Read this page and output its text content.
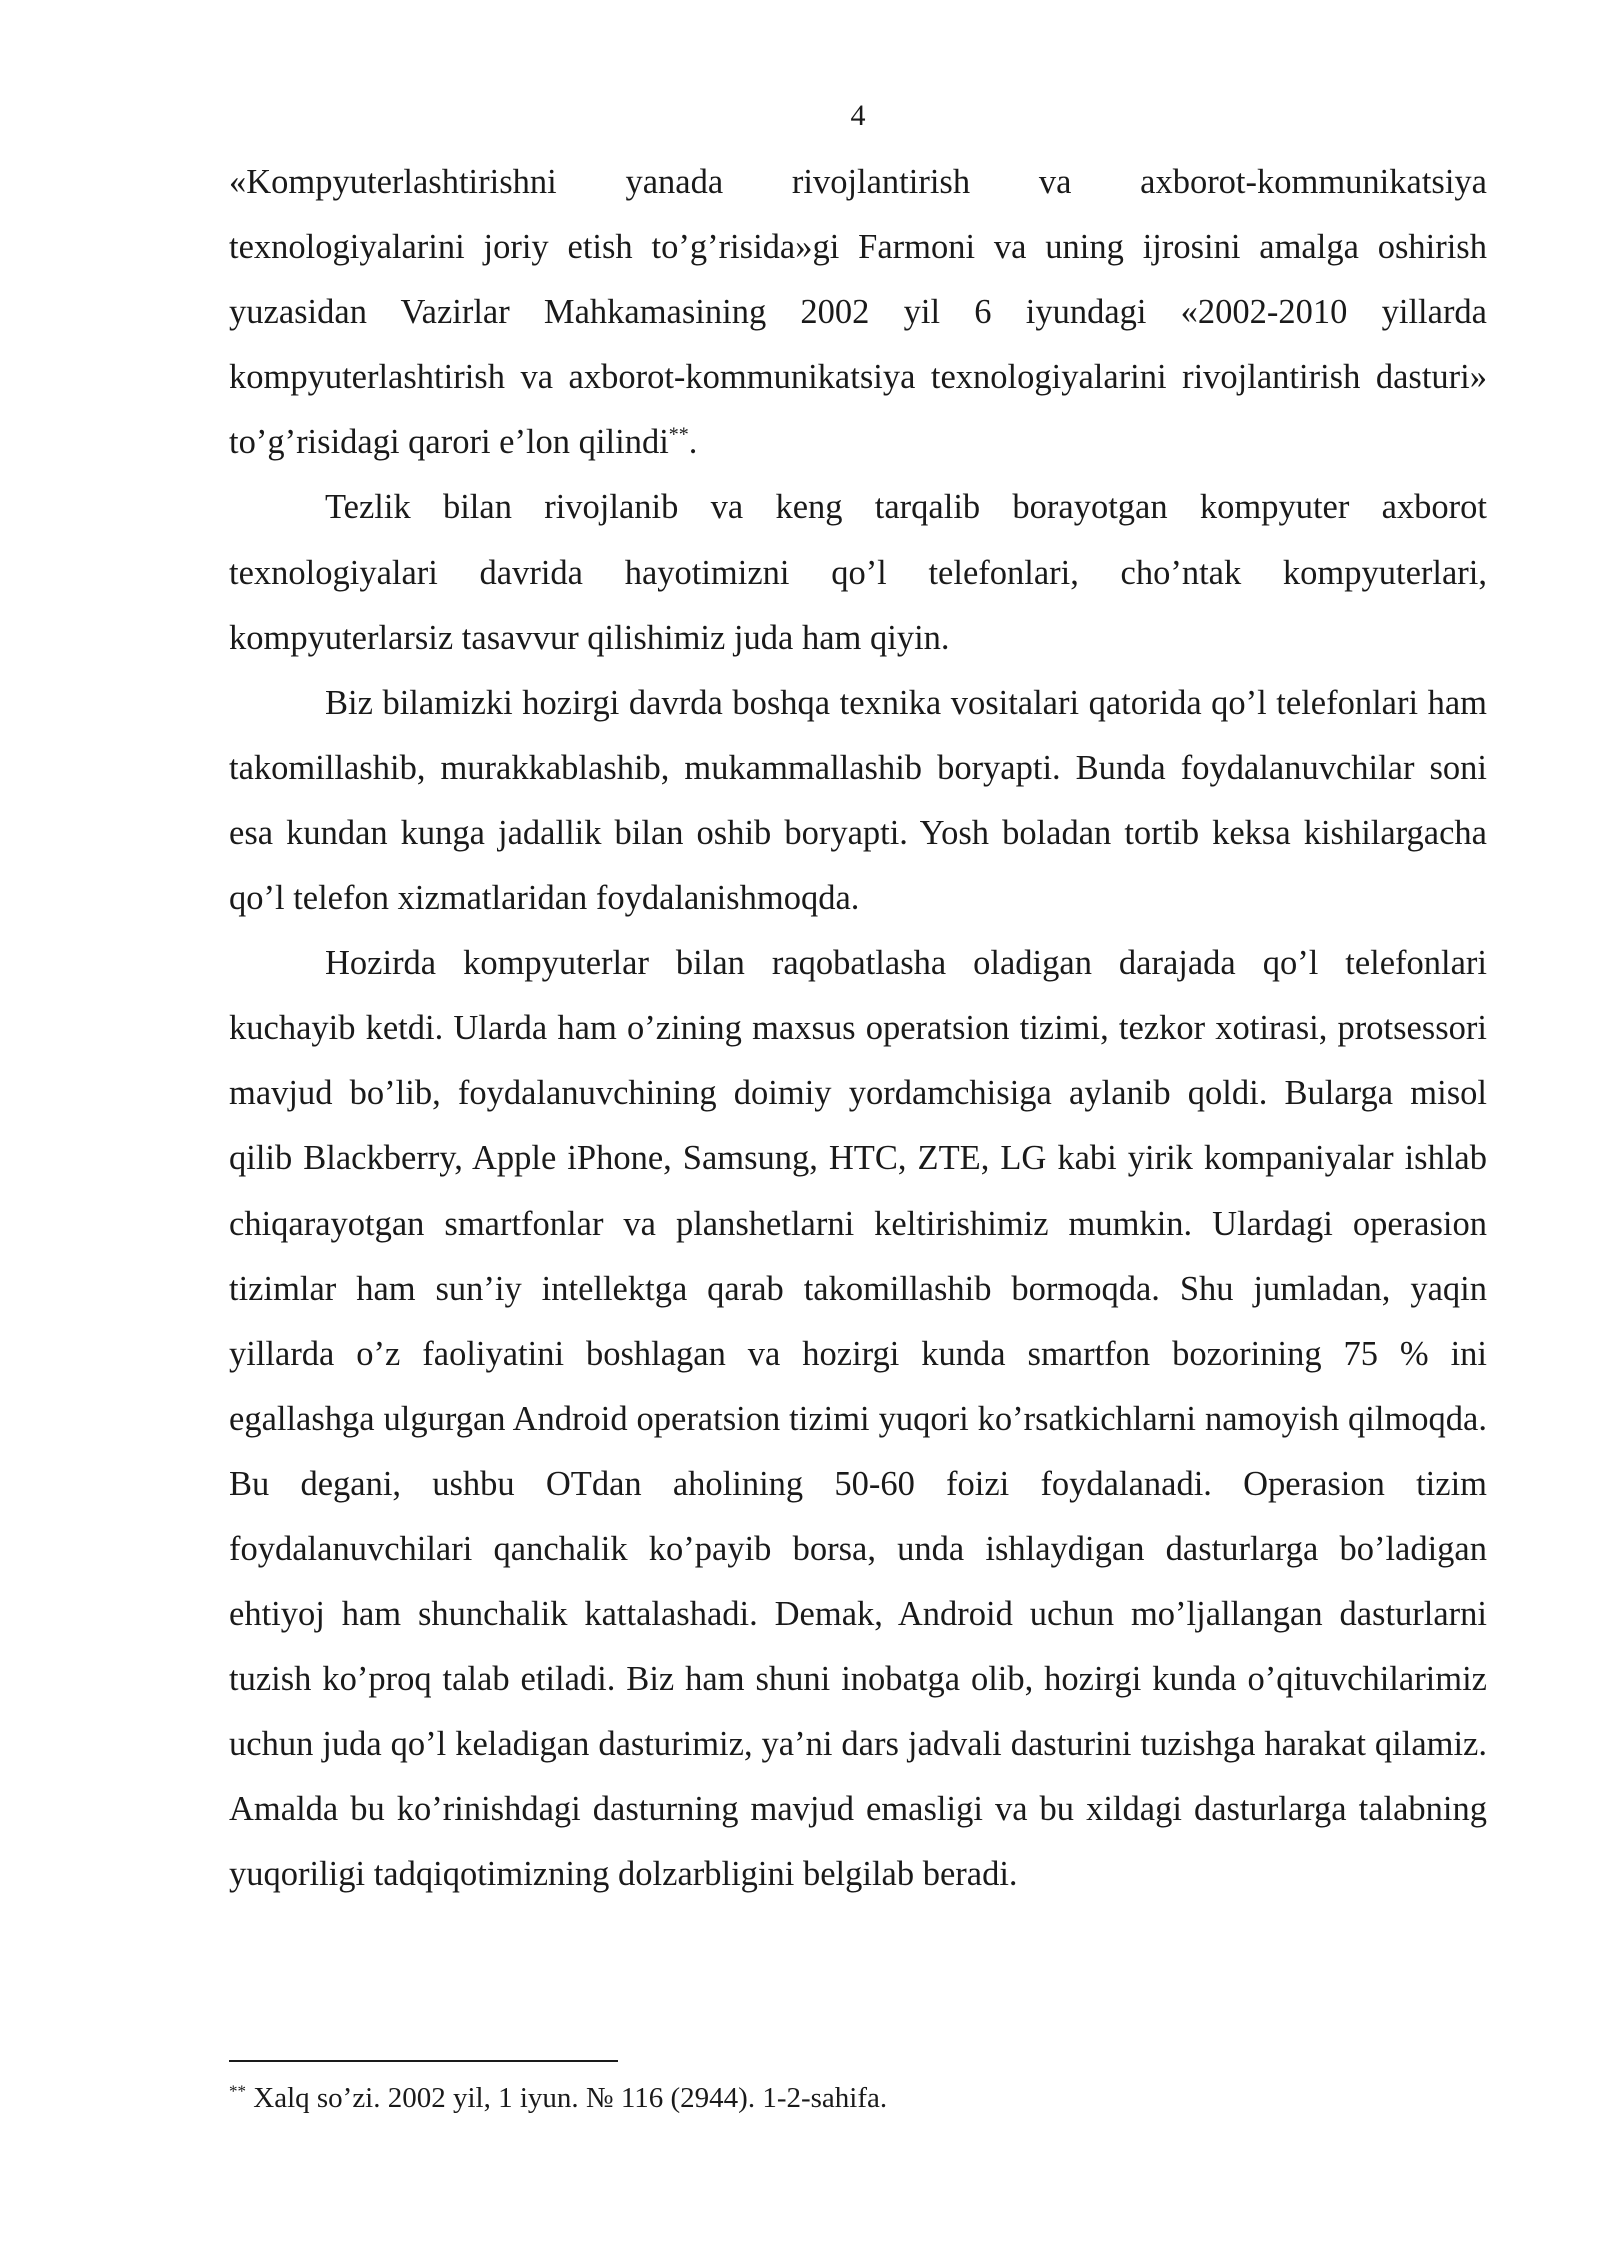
4

«Kompyuterlashtirishni yanada rivojlantirish va axborot-kommunikatsiya texnologiyalarini joriy etish to’g’risida»gi Farmoni va uning ijrosini amalga oshirish yuzasidan Vazirlar Mahkamasining 2002 yil 6 iyundagi «2002-2010 yillarda kompyuterlashtirish va axborot-kommunikatsiya texnologiyalarini rivojlantirish dasturi» to’g’risidagi qarori e’lon qilindi**.

Tezlik bilan rivojlanib va keng tarqalib borayotgan kompyuter axborot texnologiyalari davrida hayotimizni qo’l telefonlari, cho’ntak kompyuterlari, kompyuterlarsiz tasavvur qilishimiz juda ham qiyin.

Biz bilamizki hozirgi davrda boshqa texnika vositalari qatorida qo’l telefonlari ham takomillashib, murakkablashib, mukammallashib boryapti. Bunda foydalanuvchilar soni esa kundan kunga jadallik bilan oshib boryapti. Yosh boladan tortib keksa kishilargacha qo’l telefon xizmatlaridan foydalanishmoqda.

Hozirda kompyuterlar bilan raqobatlasha oladigan darajada qo’l telefonlari kuchayib ketdi. Ularda ham o’zining maxsus operatsion tizimi, tezkor xotirasi, protsessori mavjud bo’lib, foydalanuvchining doimiy yordamchisiga aylanib qoldi. Bularga misol qilib Blackberry, Apple iPhone, Samsung, HTC, ZTE, LG kabi yirik kompaniyalar ishlab chiqarayotgan smartfonlar va planshetlarni keltirishimiz mumkin. Ulardagi operasion tizimlar ham sun’iy intellektga qarab takomillashib bormoqda. Shu jumladan, yaqin yillarda o’z faoliyatini boshlagan va hozirgi kunda smartfon bozorining 75 % ini egallashga ulgurgan Android operatsion tizimi yuqori ko’rsatkichlarni namoyish qilmoqda. Bu degani, ushbu OTdan aholining 50-60 foizi foydalanadi. Operasion tizim foydalanuvchilari qanchalik ko’payib borsa, unda ishlaydigan dasturlarga bo’ladigan ehtiyoj ham shunchalik kattalashadi. Demak, Android uchun mo’ljallangan dasturlarni tuzish ko’proq talab etiladi. Biz ham shuni inobatga olib, hozirgi kunda o’qituvchilarimiz uchun juda qo’l keladigan dasturimiz, ya’ni dars jadvali dasturini tuzishga harakat qilamiz. Amalda bu ko’rinishdagi dasturning mavjud emasligi va bu xildagi dasturlarga talabning yuqoriligi tadqiqotimizning dolzarbligini belgilab beradi.

** Xalq so’zi. 2002 yil, 1 iyun. № 116 (2944). 1-2-sahifa.
